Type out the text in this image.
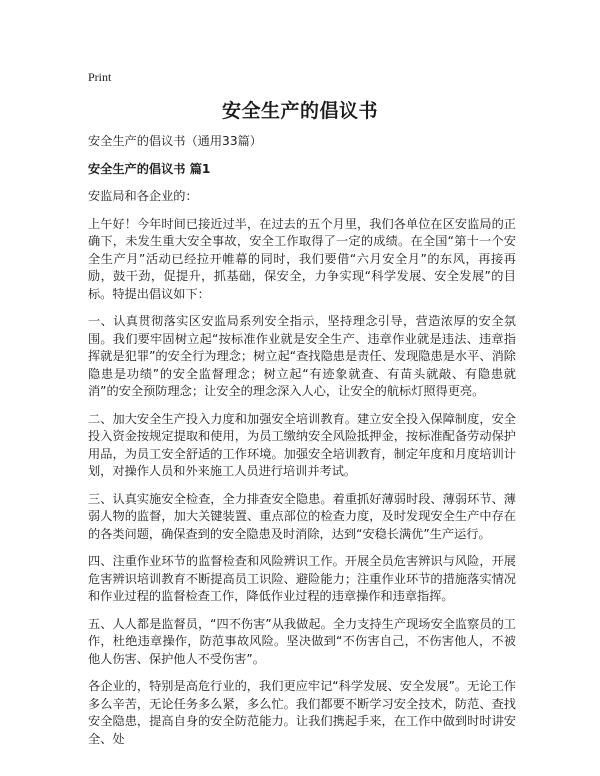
Print
安全生产的倡议书

安全生产的倡议书（通用33篇）

安全生产的倡议书 篇1

安监局和各企业的：

上午好！今年时间已接近过半，在过去的五个月里，我们各单位在区安监局的正确下，未发生重大安全事故，安全工作取得了一定的成绩。在全国“第十一个安全生产月”活动已经拉开帷幕的同时，我们要借“六月安全月”的东风，再接再励，鼓干劲，促提升，抓基础，保安全，力争实现“科学发展、安全发展”的目标。特提出倡议如下：

一、认真贯彻落实区安监局系列安全指示，坚持理念引导，营造浓厚的安全氛围。我们要牢固树立起“按标准作业就是安全生产、违章作业就是违法、违章指挥就是犯罪”的安全行为理念；树立起“查找隐患是责任、发现隐患是水平、消除隐患是功绩”的安全监督理念；树立起“有迹象就查、有苗头就敲、有隐患就消”的安全预防理念；让安全的理念深入人心，让安全的航标灯照得更亮。

二、加大安全生产投入力度和加强安全培训教育。建立安全投入保障制度，安全投入资金按规定提取和使用，为员工缴纳安全风险抵押金，按标准配备劳动保护用品，为员工安全舒适的工作环境。加强安全培训教育，制定年度和月度培训计划，对操作人员和外来施工人员进行培训并考试。

三、认真实施安全检查，全力排查安全隐患。着重抓好薄弱时段、薄弱环节、薄弱人物的监督，加大关键装置、重点部位的检查力度，及时发现安全生产中存在的各类问题，确保查到的安全隐患及时消除，达到“安稳长满优”生产运行。

四、注重作业环节的监督检查和风险辨识工作。开展全员危害辨识与风险，开展危害辨识培训教育不断提高员工识险、避险能力；注重作业环节的措施落实情况和作业过程的监督检查工作，降低作业过程的违章操作和违章指挥。

五、人人都是监督员，“四不伤害”从我做起。全力支持生产现场安全监察员的工作，杜绝违章操作，防范事故风险。坚决做到“不伤害自己，不伤害他人，不被他人伤害、保护他人不受伤害”。

各企业的，特别是高危行业的，我们更应牢记“科学发展、安全发展”。无论工作多么辛苦，无论任务多么紧，多么忙。我们都要不断学习安全技术，防范、查找安全隐患，提高自身的安全防范能力。让我们携起手来，在工作中做到时时讲安全、处
